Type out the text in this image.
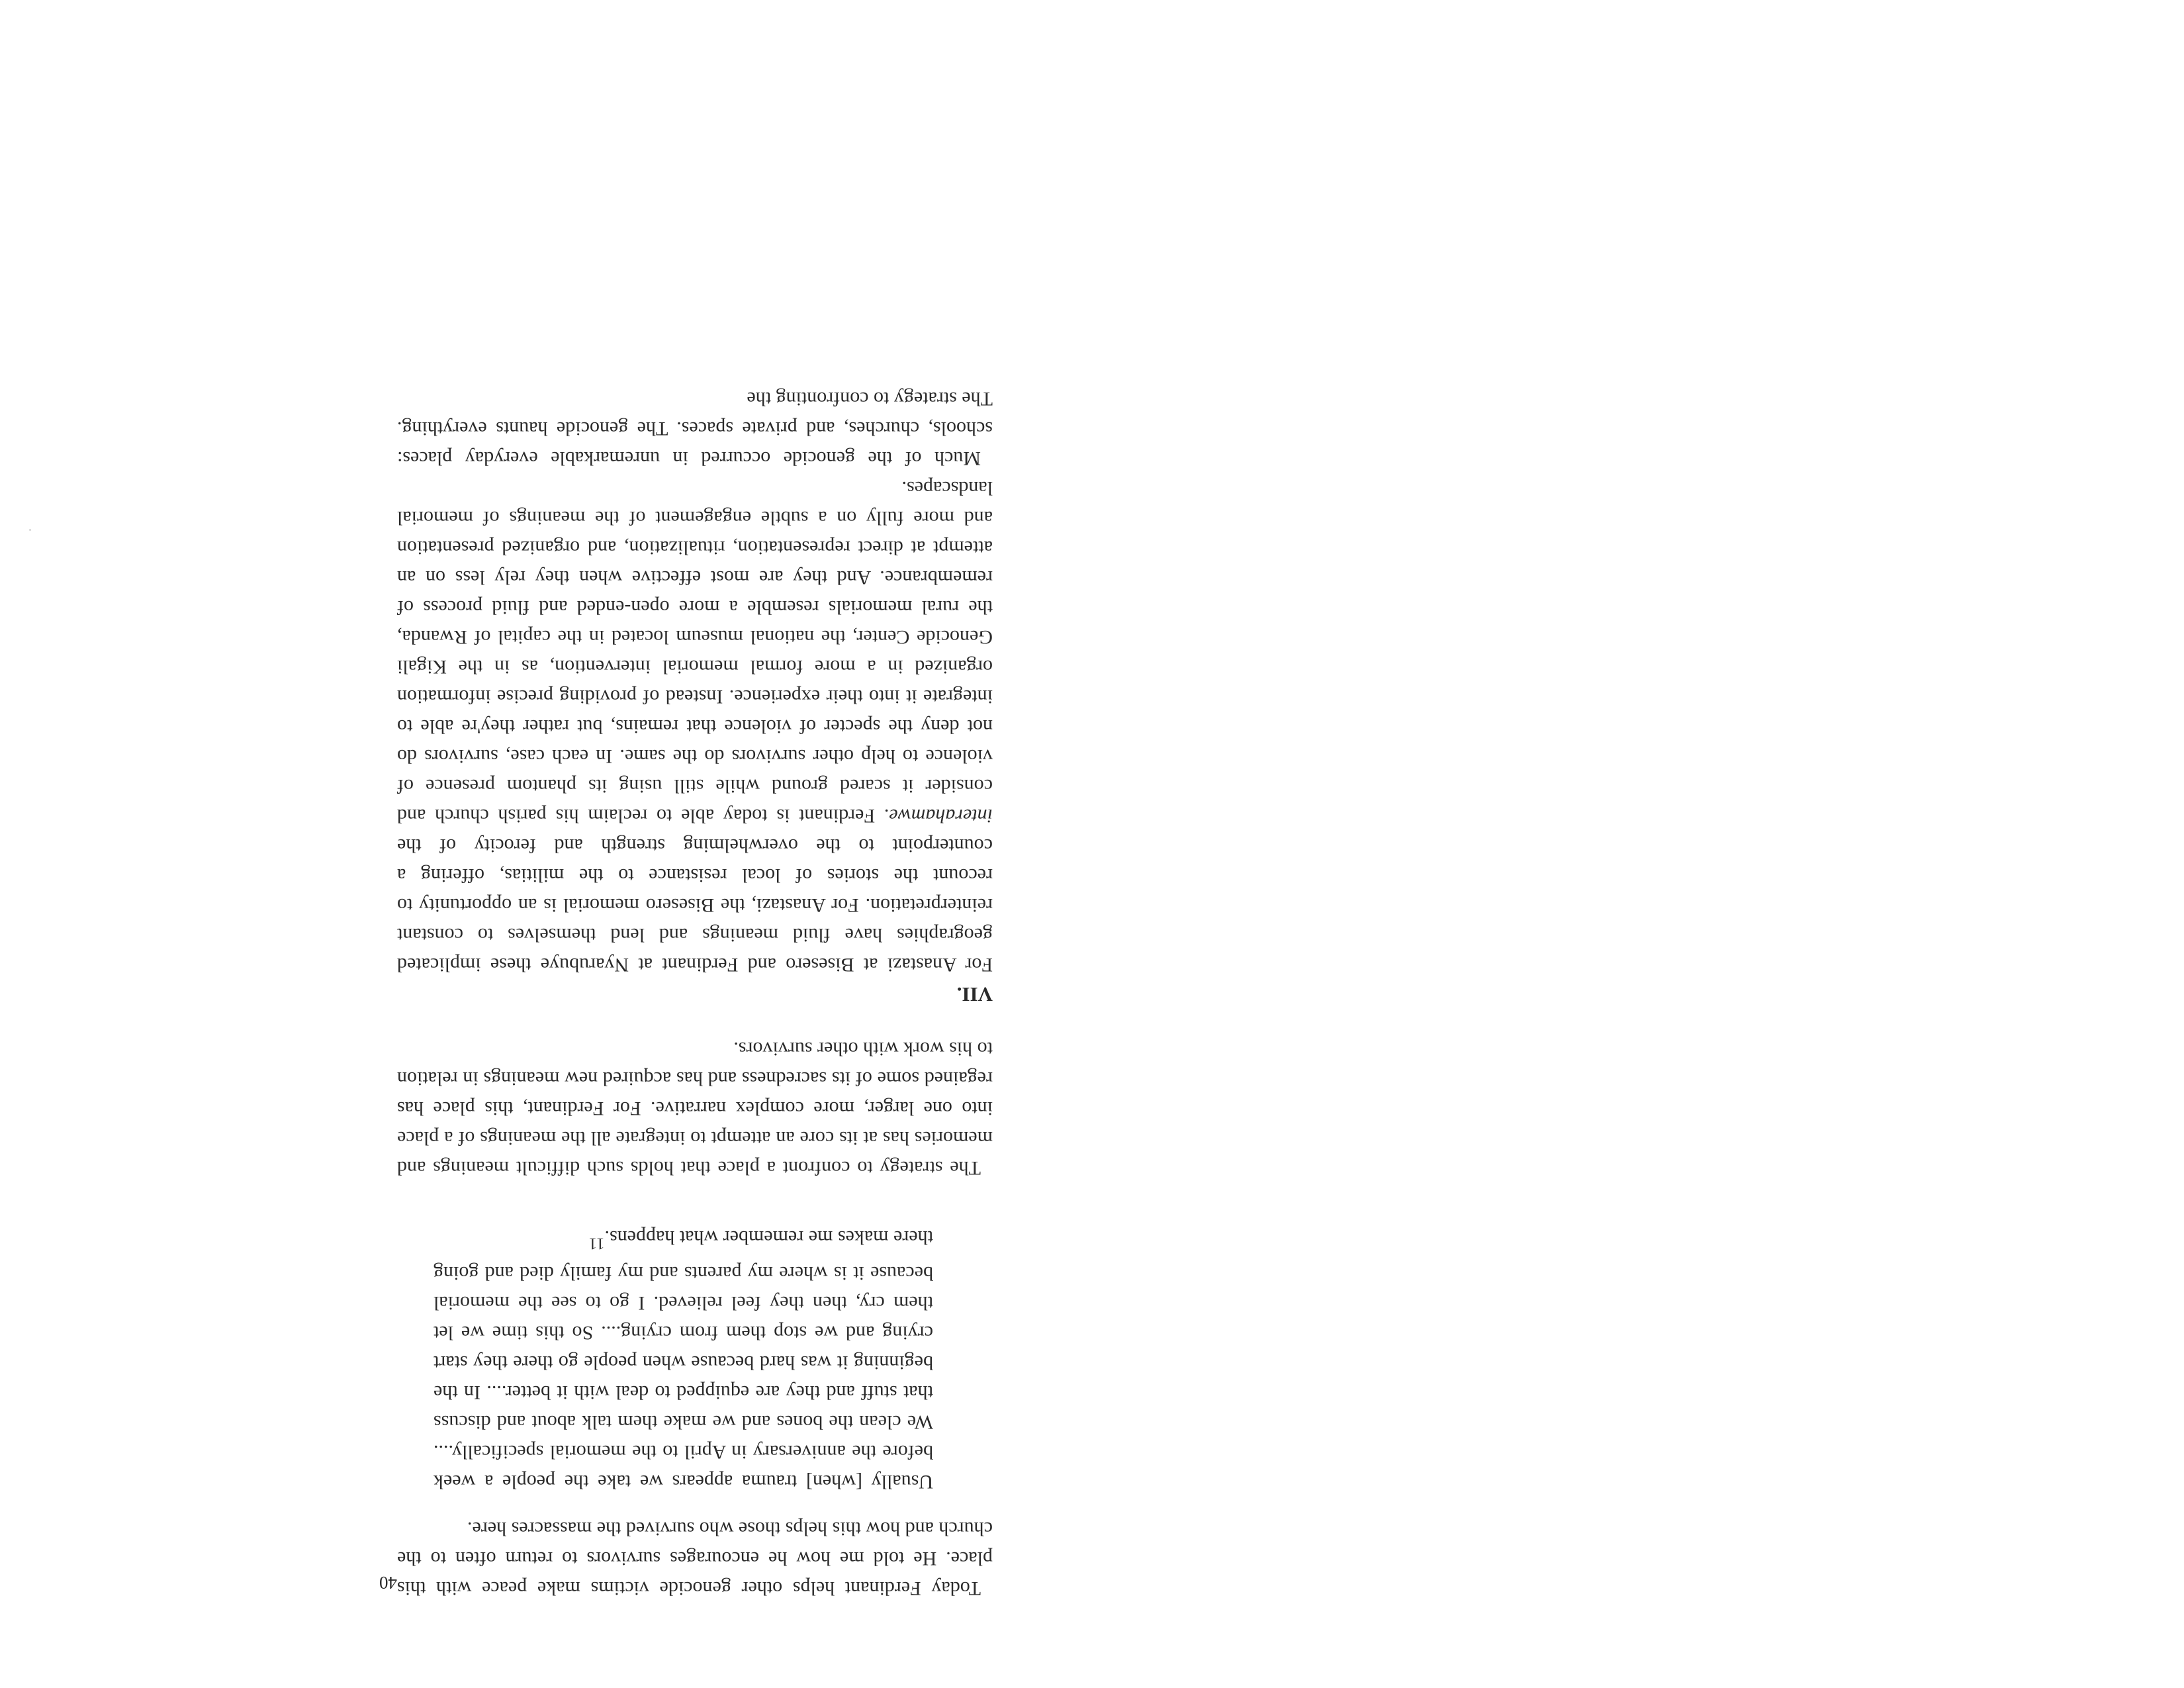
40 Today Ferdinant helps other genocide victims make peace with this place. He told me how he encourages survivors to return often to the church and how this helps those who survived the massacres here.

Usually [when] trauma appears we take the people a week before the anniversary in April to the memorial specifically.... We clean the bones and we make them talk about and discuss that stuff and they are equipped to deal with it better.... In the beginning it was hard because when people go there they start crying and we stop them from crying.... So this time we let them cry, then they feel relieved. I go to see the memorial because it is where my parents and my family died and going there makes me remember what happens.$^{11}$

The strategy to confront a place that holds such difficult meanings and memories has at its core an attempt to integrate all the meanings of a place into one larger, more complex narrative. For Ferdinant, this place has regained some of its sacredness and has acquired new meanings in relation to his work with other survivors.

VII.

For Anastazi at Bisesero and Ferdinant at Nyarubuye these implicated geographies have fluid meanings and lend themselves to constant reinterpretation. For Anastazi, the Bisesero memorial is an opportunity to recount the stories of local resistance to the militias, offering a counterpoint to the overwhelming strength and ferocity of the interahamwe. Ferdinant is today able to reclaim his parish church and consider it scared ground while still using its phantom presence of violence to help other survivors do the same. In each case, survivors do not deny the specter of violence that remains, but rather they're able to integrate it into their experience. Instead of providing precise information organized in a more formal memorial intervention, as in the Kigali Genocide Center, the national museum located in the capital of Rwanda, the rural memorials resemble a more open-ended and fluid process of remembrance. And they are most effective when they rely less on an attempt at direct representation, ritualization, and organized presentation and more fully on a subtle engagement of the meanings of memorial landscapes.

Much of the genocide occurred in unremarkable everyday places: schools, churches, and private spaces. The genocide haunts everything. The strategy to confronting the
